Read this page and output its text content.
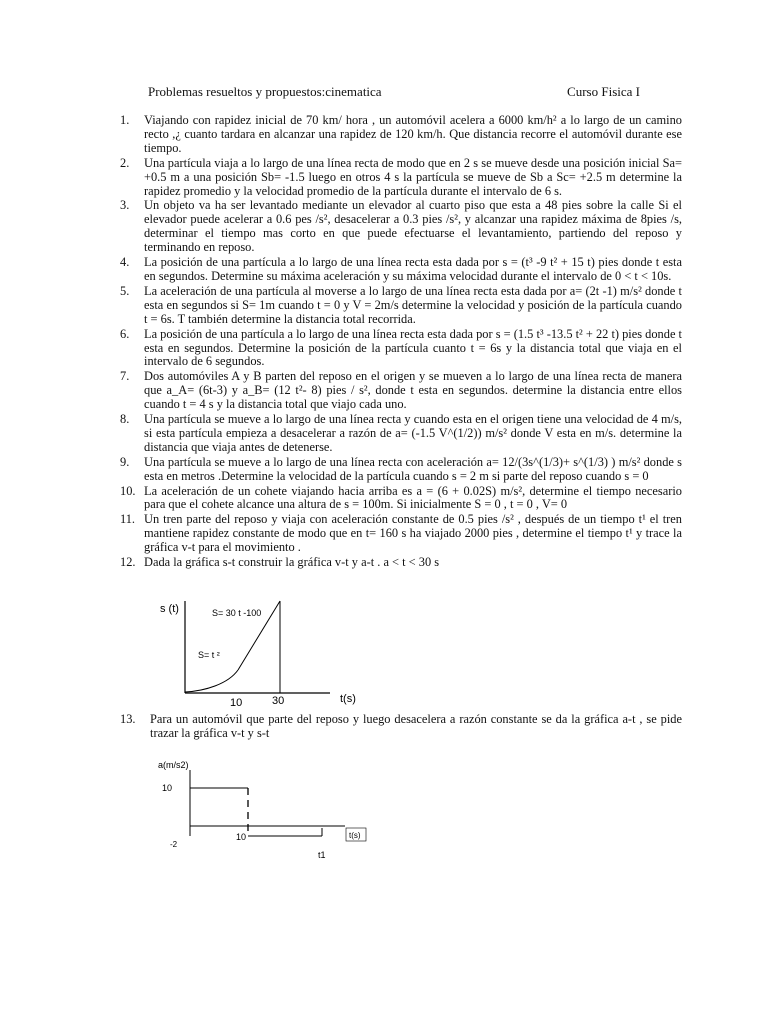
Problemas resueltos y propuestos:cinematica	Curso Fisica I
1.	Viajando con rapidez inicial de 70 km/ hora , un automóvil acelera a 6000 km/h² a lo largo de un camino recto ,¿ cuanto tardara en alcanzar una rapidez de 120 km/h. Que distancia recorre el automóvil durante ese tiempo.
2.	Una partícula viaja a lo largo de una línea recta de modo que en 2 s se mueve desde una posición inicial Sa= +0.5 m a una posición Sb= -1.5 luego en otros 4 s la partícula se mueve de Sb a Sc= +2.5 m determine la rapidez promedio y la velocidad promedio de la partícula durante el intervalo de 6 s.
3.	Un objeto va ha ser levantado mediante un elevador al cuarto piso que esta a 48 pies sobre la calle Si el elevador puede acelerar a 0.6 pes /s², desacelerar a 0.3 pies /s², y alcanzar una rapidez máxima de 8pies /s, determinar el tiempo mas corto en que puede efectuarse el levantamiento, partiendo del reposo y terminando en reposo.
4.	La posición de una partícula a lo largo de una línea recta esta dada por s = (t³ -9 t² + 15 t) pies donde t esta en segundos. Determine su máxima aceleración y su máxima velocidad durante el intervalo de 0 < t < 10s.
5.	La aceleración de una partícula al moverse a lo largo de una línea recta esta dada por a= (2t -1) m/s² donde t esta en segundos si S= 1m cuando t = 0 y V = 2m/s determine la velocidad y posición de la partícula cuando t = 6s. T también determine la distancia total recorrida.
6.	La posición de una partícula a lo largo de una línea recta esta dada por s = (1.5 t³ -13.5 t² + 22 t) pies donde t esta en segundos. Determine la posición de la partícula cuanto t = 6s y la distancia total que viaja en el intervalo de 6 segundos.
7.	Dos automóviles A y B parten del reposo en el origen y se mueven a lo largo de una línea recta de manera que a_A= (6t-3) y a_B= (12 t²- 8) pies / s², donde t esta en segundos. determine la distancia entre ellos cuando t = 4 s y la distancia total que viajo cada uno.
8.	Una partícula se mueve a lo largo de una línea recta y cuando esta en el origen tiene una velocidad de 4 m/s, si esta partícula empieza a desacelerar a razón de a= (-1.5 V^(1/2)) m/s² donde V esta en m/s. determine la distancia que viaja antes de detenerse.
9.	Una partícula se mueve a lo largo de una línea recta con aceleración a= 12/(3s^(1/3)+ s^(1/3) ) m/s² donde s esta en metros .Determine la velocidad de la partícula cuando s = 2 m si parte del reposo cuando s = 0
10. La aceleración de un cohete viajando hacia arriba es a = (6 + 0.02S) m/s², determine el tiempo necesario para que el cohete alcance una altura de s = 100m. Si inicialmente S = 0 , t = 0 , V= 0
11. Un tren parte del reposo y viaja con aceleración constante de 0.5 pies /s² , después de un tiempo t¹ el tren mantiene rapidez constante de modo que en t= 160 s ha viajado 2000 pies , determine el tiempo t¹ y trace la gráfica v-t para el movimiento .
12. Dada la gráfica s-t construir la gráfica v-t y a-t . a < t < 30 s
s (t)	S= 30 t -100
S= t ²
10	30	t(s)
13.	Para un automóvil que parte del reposo y luego desacelera a razón constante se da la gráfica a-t , se pide trazar la gráfica v-t y s-t
a(m/s2)
10
-2
10	t(s)
t1
